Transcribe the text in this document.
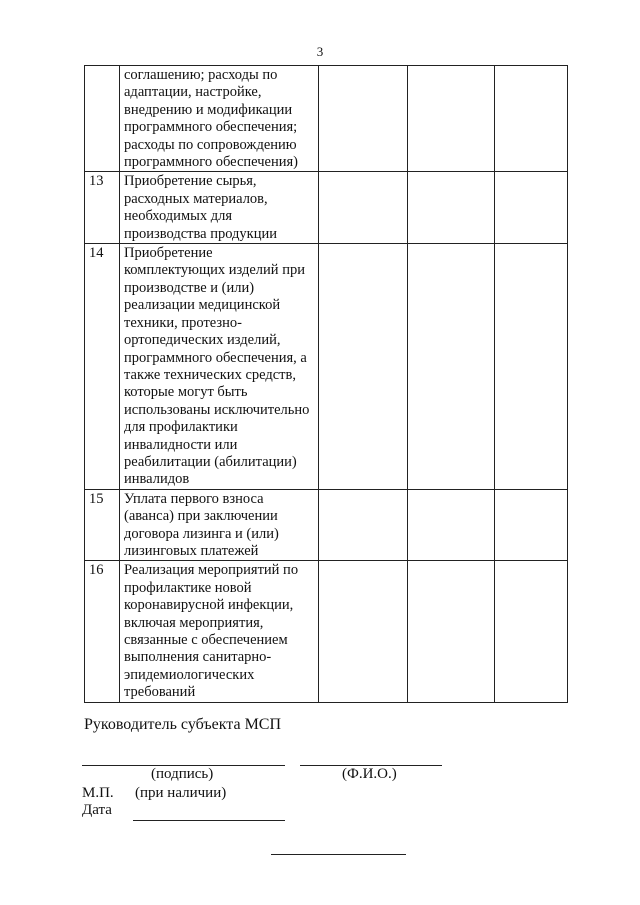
3
	соглашению; расходы по адаптации, настройке, внедрению и модификации программного обеспечения; расходы по сопровождению программного обеспечения)			
13	Приобретение сырья, расходных материалов, необходимых для производства продукции			
14	Приобретение комплектующих изделий при производстве и (или) реализации медицинской техники, протезно-ортопедических изделий, программного обеспечения, а также технических средств, которые могут быть использованы исключительно для профилактики инвалидности или реабилитации (абилитации) инвалидов			
15	Уплата первого взноса (аванса) при заключении договора лизинга и (или) лизинговых платежей			
16	Реализация мероприятий по профилактике новой коронавирусной инфекции, включая мероприятия, связанные с обеспечением выполнения санитарно-эпидемиологических требований			
Руководитель субъекта МСП
(подпись)	(Ф.И.О.)
М.П. (при наличии)
Дата
